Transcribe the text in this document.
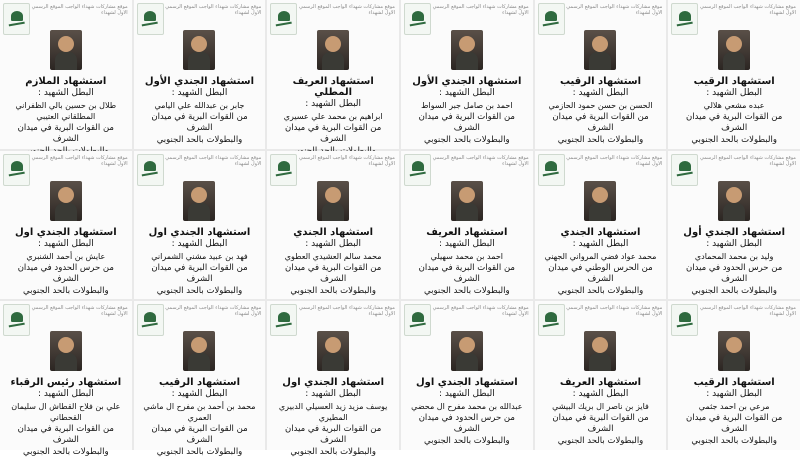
موقع مشاركات شهداء الواجب الموقع الرسمي الاول لشهداء
استشهاد الملازم
البطل الشهيد :
طلال بن حسين بالي الظفراني المطلقاني العتيبي
من القوات البرية في ميدان الشرف
موقع مشاركات شهداء الواجب الموقع الرسمي الاول لشهداء
استشهاد الجندي الأول
البطل الشهيد :
جابر بن عبدالله علي اليامي
من القوات البرية في ميدان الشرف
والبطولات بالحد الجنوبي
موقع مشاركات شهداء الواجب الموقع الرسمي الاول لشهداء
استشهاد العريف المطلي
البطل الشهيد :
ابراهيم بن محمد علي عسيري
من القوات البرية في ميدان الشرف
موقع مشاركات شهداء الواجب الموقع الرسمي الاول لشهداء
استشهاد الجندي الأول
البطل الشهيد :
احمد بن صامل جبر السواط
من القوات البرية في ميدان الشرف
والبطولات بالحد الجنوبي
موقع مشاركات شهداء الواجب الموقع الرسمي الاول لشهداء
استشهاد الرقيب
البطل الشهيد :
الحسن بن حسن حمود الحازمي
من القوات البرية في ميدان الشرف
والبطولات بالحد الجنوبي
موقع مشاركات شهداء الواجب الموقع الرسمي الاول لشهداء
استشهاد الرقيب
البطل الشهيد :
عبده مشعي هلالي
من القوات البرية في ميدان الشرف
والبطولات بالحد الجنوبي
موقع مشاركات شهداء الواجب الموقع الرسمي الاول لشهداء
استشهاد الجندي اول
البطل الشهيد :
عايش بن أحمد الشنبري
من حرس الحدود في ميدان الشرف
والبطولات بالحد الجنوبي
موقع مشاركات شهداء الواجب الموقع الرسمي الاول لشهداء
استشهاد الجندي اول
البطل الشهيد :
فهد بن عبيد مشني الشمراني
من القوات البرية في ميدان الشرف
والبطولات بالحد الجنوبي
موقع مشاركات شهداء الواجب الموقع الرسمي الاول لشهداء
استشهاد الجندي
البطل الشهيد :
محمد سالم العشيدي العطوي
من القوات البرية في ميدان الشرف
والبطولات بالحد الجنوبي
موقع مشاركات شهداء الواجب الموقع الرسمي الاول لشهداء
استشهاد العريف
البطل الشهيد :
احمد بن محمد سهيلي
من القوات البرية في ميدان الشرف
والبطولات بالحد الجنوبي
موقع مشاركات شهداء الواجب الموقع الرسمي الاول لشهداء
استشهاد الجندي
البطل الشهيد :
محمد عواد فضي المرواني الجهني
من الحرس الوطني في ميدان الشرف
والبطولات بالحد الجنوبي
موقع مشاركات شهداء الواجب الموقع الرسمي الاول لشهداء
استشهاد الجندي أول
البطل الشهيد :
وليد بن محمد المحمادي
من حرس الحدود في ميدان الشرف
والبطولات بالحد الجنوبي
موقع مشاركات شهداء الواجب الموقع الرسمي الاول لشهداء
استشهاد رئيس الرقباء
البطل الشهيد :
علي بن فلاح القطاش ال سليمان القحطاني
من القوات البرية في ميدان الشرف
والبطولات بالحد الجنوبي
موقع مشاركات شهداء الواجب الموقع الرسمي الاول لشهداء
استشهاد الرقيب
البطل الشهيد :
محمد بن أحمد بن مفرح ال ماشي العمري
من القوات البرية في ميدان الشرف
والبطولات بالحد الجنوبي
موقع مشاركات شهداء الواجب الموقع الرسمي الاول لشهداء
استشهاد الجندي اول
البطل الشهيد :
يوسف مزيد زيد العسيلي الدبيري المطيري
من القوات البرية في ميدان الشرف
والبطولات بالحد الجنوبي
موقع مشاركات شهداء الواجب الموقع الرسمي الاول لشهداء
استشهاد الجندي اول
البطل الشهيد :
عبدالله بن محمد مفرح ال محضي
من حرس الحدود في ميدان الشرف
والبطولات بالحد الجنوبي
موقع مشاركات شهداء الواجب الموقع الرسمي الاول لشهداء
استشهاد العريف
البطل الشهيد :
فايز بن ناصر ال بريك البيشي
من القوات البرية في ميدان الشرف
والبطولات بالحد الجنوبي
موقع مشاركات شهداء الواجب الموقع الرسمي الاول لشهداء
استشهاد الرقيب
البطل الشهيد :
مرعي بن احمد جثمي
من القوات البرية في ميدان الشرف
والبطولات بالحد الجنوبي
